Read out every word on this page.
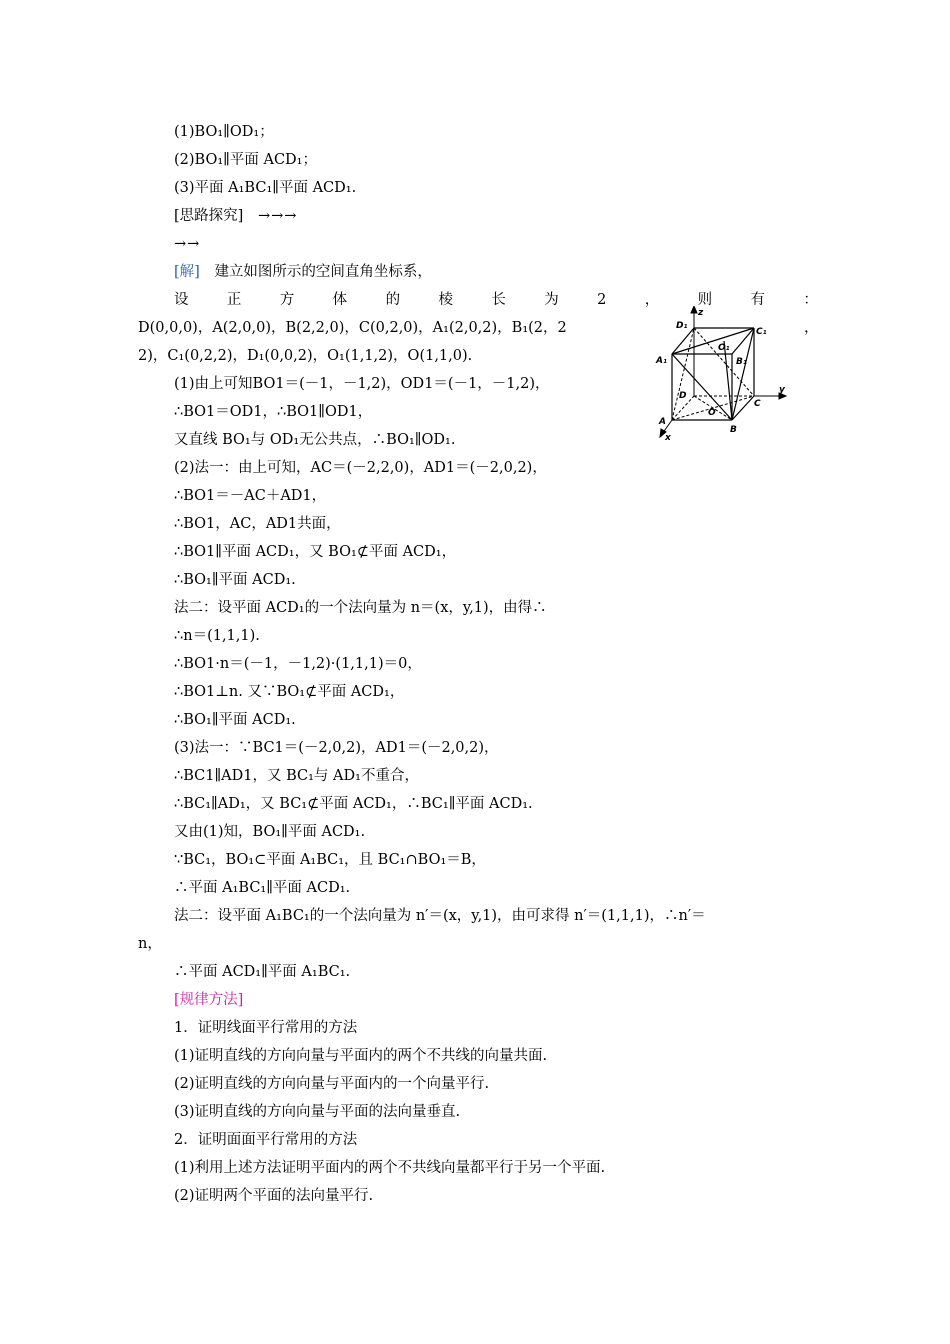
(1)BO₁∥OD₁；
(2)BO₁∥平面 ACD₁；
(3)平面 A₁BC₁∥平面 ACD₁.
[思路探究] →→→
→→
[解] 建立如图所示的空间直角坐标系，
设	正	方	体	的	棱	长	为	2	，	则	有	：
D(0,0,0)，A(2,0,0)，B(2,2,0)，C(0,2,0)，A₁(2,0,2)，B₁(2，2	，
2)，C₁(0,2,2)，D₁(0,0,2)，O₁(1,1,2)，O(1,1,0).
(1)由上可知BO1＝(－1，－1,2)，OD1＝(－1，－1,2)，
∴BO1＝OD1，∴BO1∥OD1，
又直线 BO₁与 OD₁无公共点，∴BO₁∥OD₁.
(2)法一：由上可知，AC＝(－2,2,0)，AD1＝(－2,0,2)，
∴BO1＝－AC＋AD1，
∴BO1，AC，AD1共面，
∴BO1∥平面 ACD₁，又 BO₁⊄平面 ACD₁，
∴BO₁∥平面 ACD₁.
法二：设平面 ACD₁的一个法向量为 n＝(x，y,1)，由得∴
∴n＝(1,1,1).
∴BO1·n＝(－1，－1,2)·(1,1,1)＝0，
∴BO1⊥n. 又∵BO₁⊄平面 ACD₁，
∴BO₁∥平面 ACD₁.
(3)法一：∵BC1＝(－2,0,2)，AD1＝(－2,0,2)，
∴BC1∥AD1，又 BC₁与 AD₁不重合，
∴BC₁∥AD₁，又 BC₁⊄平面 ACD₁，∴BC₁∥平面 ACD₁.
又由(1)知，BO₁∥平面 ACD₁.
∵BC₁，BO₁⊂平面 A₁BC₁，且 BC₁∩BO₁＝B，
∴平面 A₁BC₁∥平面 ACD₁.
法二：设平面 A₁BC₁的一个法向量为 n′＝(x，y,1)，由可求得 n′＝(1,1,1)，∴n′＝
n，
∴平面 ACD₁∥平面 A₁BC₁.
[规律方法]
1．证明线面平行常用的方法
(1)证明直线的方向向量与平面内的两个不共线的向量共面.
(2)证明直线的方向向量与平面内的一个向量平行.
(3)证明直线的方向向量与平面的法向量垂直.
2．证明面面平行常用的方法
(1)利用上述方法证明平面内的两个不共线向量都平行于另一个平面.
(2)证明两个平面的法向量平行.
D₁
z
C₁
O₁
A₁	B₁
D
O
C
y
A
B
x
